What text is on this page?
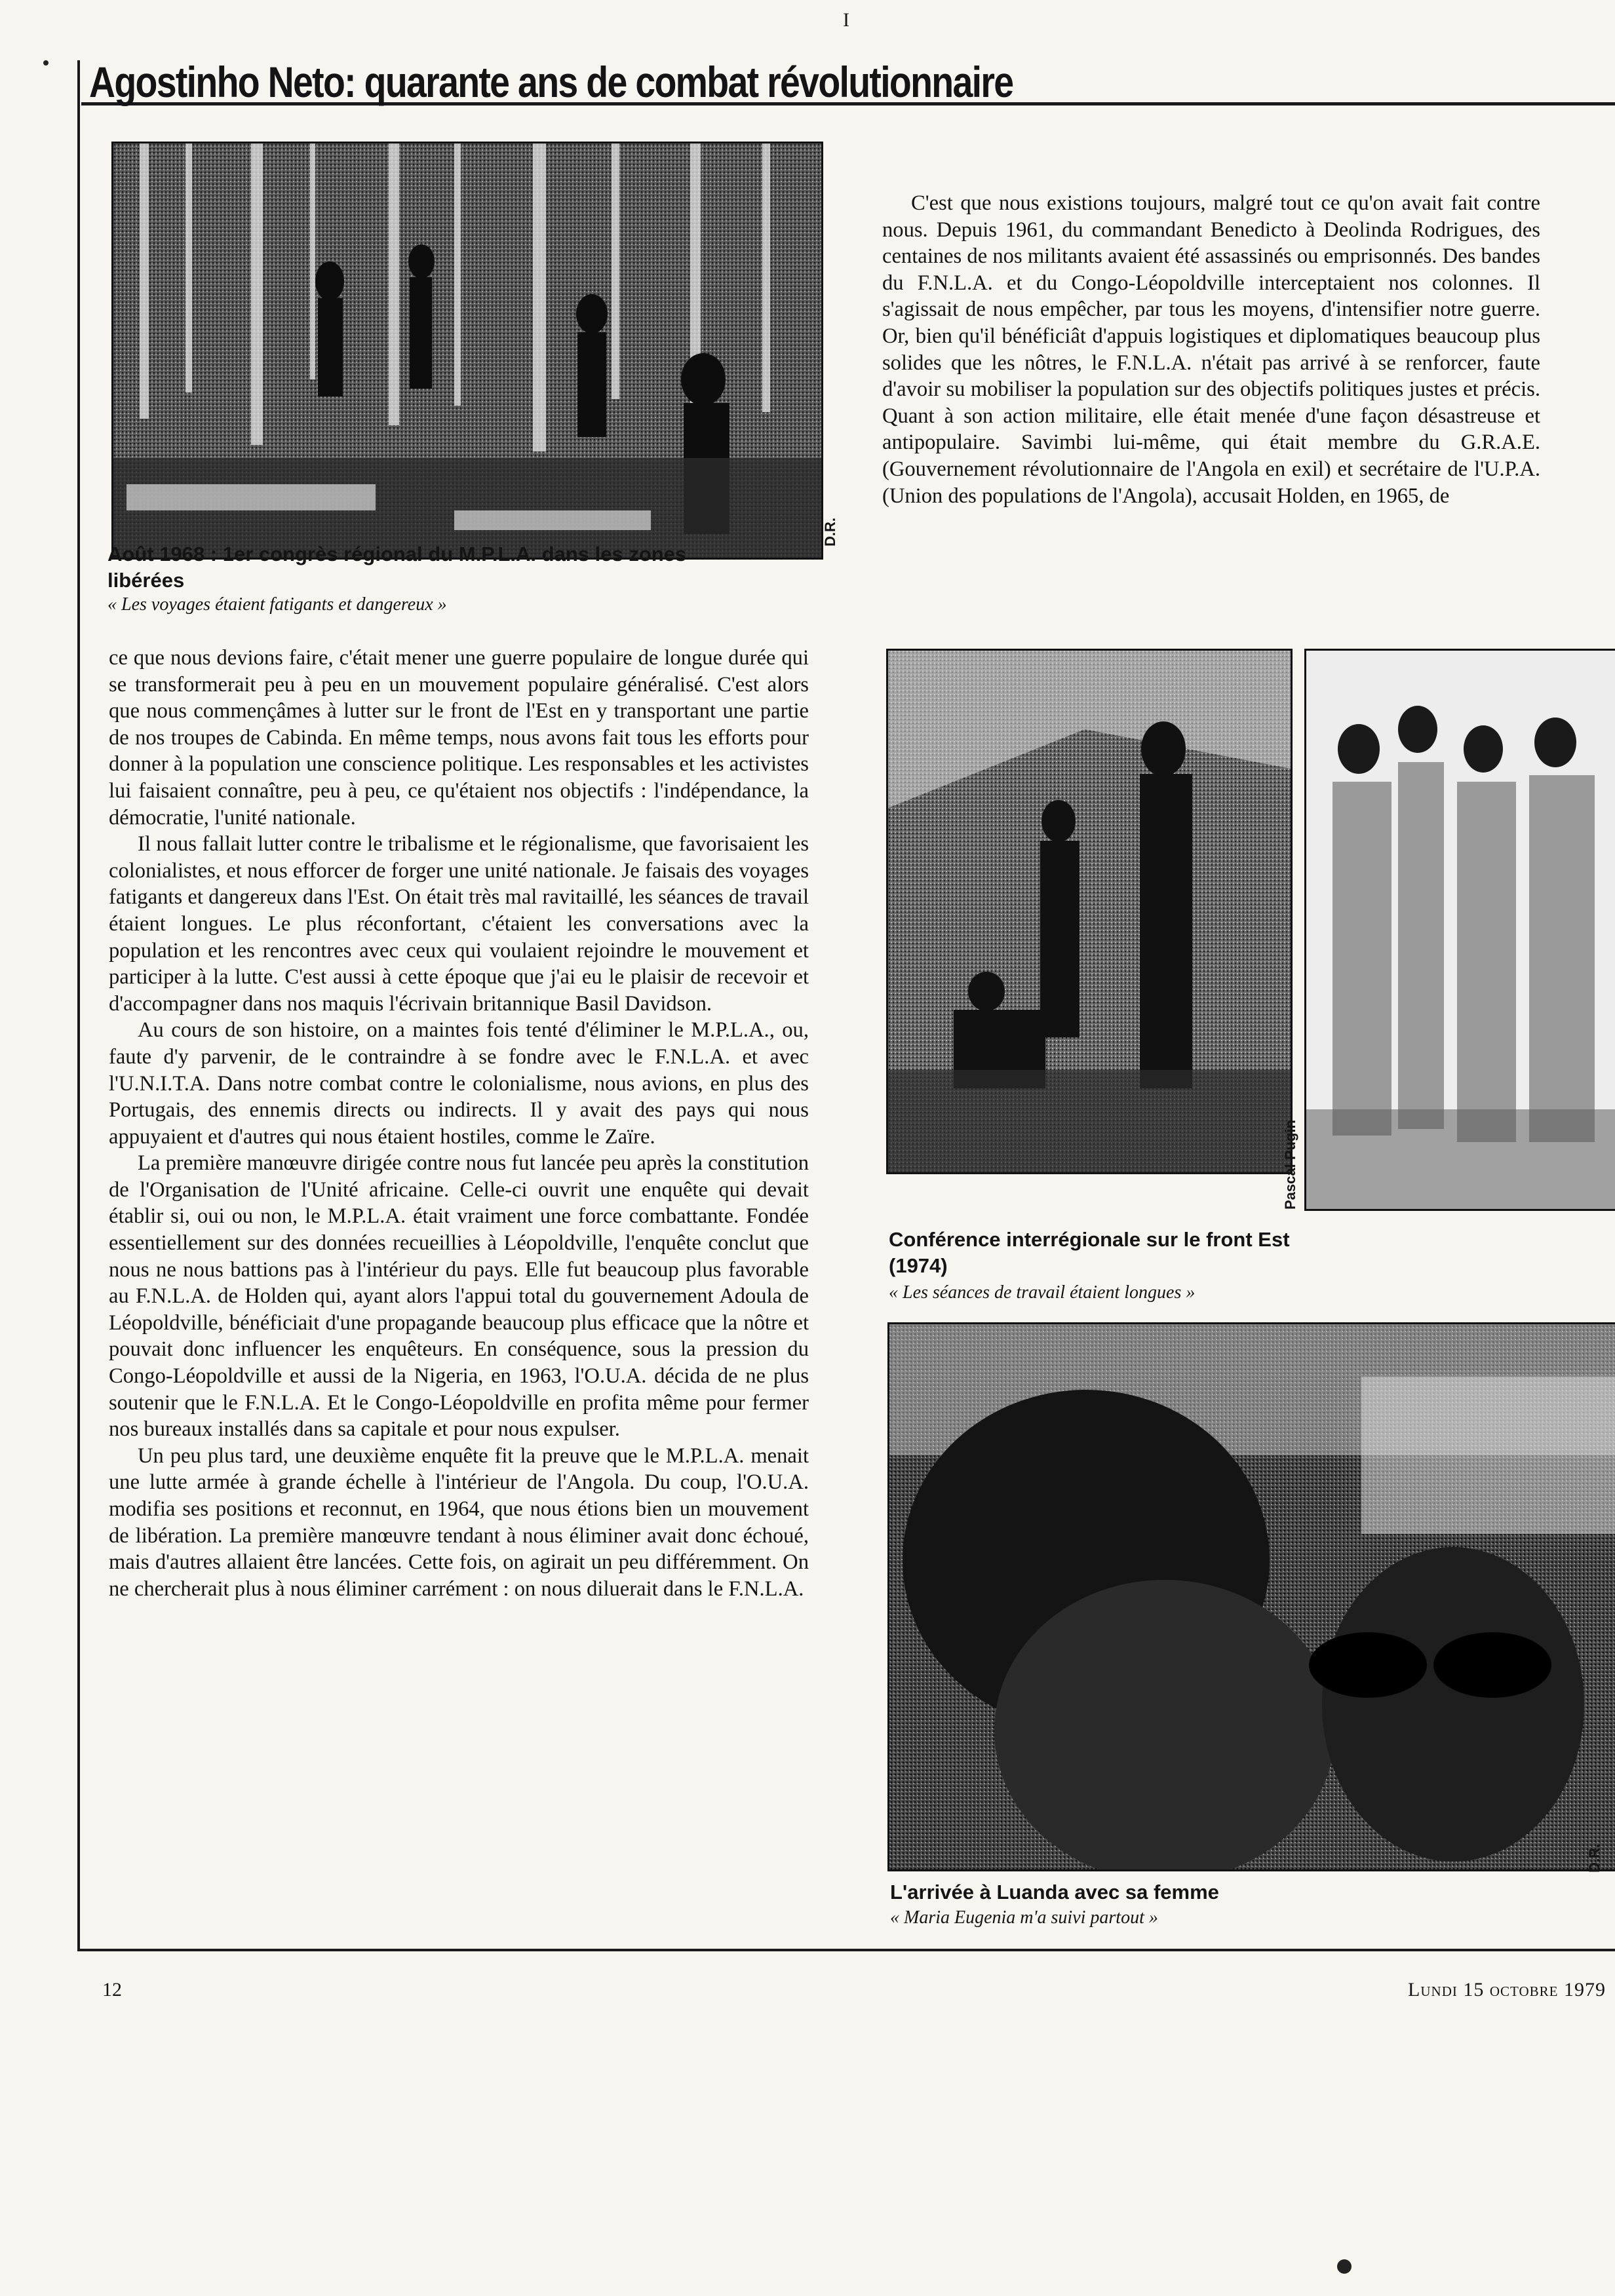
I
Agostinho Neto: quarante ans de combat révolutionnaire
D.R.

Août 1968 : 1er congrès régional du M.P.L.A. dans les zones libérées

« Les voyages étaient fatigants et dangereux »

ce que nous devions faire, c'était mener une guerre populaire de longue durée qui se transformerait peu à peu en un mouvement populaire généralisé. C'est alors que nous commençâmes à lutter sur le front de l'Est en y transportant une partie de nos troupes de Cabinda. En même temps, nous avons fait tous les efforts pour donner à la population une conscience politique. Les responsables et les activistes lui faisaient connaître, peu à peu, ce qu'étaient nos objectifs : l'indépendance, la démocratie, l'unité nationale.

Il nous fallait lutter contre le tribalisme et le régionalisme, que favorisaient les colonialistes, et nous efforcer de forger une unité nationale. Je faisais des voyages fatigants et dangereux dans l'Est. On était très mal ravitaillé, les séances de travail étaient longues. Le plus réconfortant, c'étaient les conversations avec la population et les rencontres avec ceux qui voulaient rejoindre le mouvement et participer à la lutte. C'est aussi à cette époque que j'ai eu le plaisir de recevoir et d'accompagner dans nos maquis l'écrivain britannique Basil Davidson.

Au cours de son histoire, on a maintes fois tenté d'éliminer le M.P.L.A., ou, faute d'y parvenir, de le contraindre à se fondre avec le F.N.L.A. et avec l'U.N.I.T.A. Dans notre combat contre le colonialisme, nous avions, en plus des Portugais, des ennemis directs ou indirects. Il y avait des pays qui nous appuyaient et d'autres qui nous étaient hostiles, comme le Zaïre.

La première manœuvre dirigée contre nous fut lancée peu après la constitution de l'Organisation de l'Unité africaine. Celle-ci ouvrit une enquête qui devait établir si, oui ou non, le M.P.L.A. était vraiment une force combattante. Fondée essentiellement sur des données recueillies à Léopoldville, l'enquête conclut que nous ne nous battions pas à l'intérieur du pays. Elle fut beaucoup plus favorable au F.N.L.A. de Holden qui, ayant alors l'appui total du gouvernement Adoula de Léopoldville, bénéficiait d'une propagande beaucoup plus efficace que la nôtre et pouvait donc influencer les enquêteurs. En conséquence, sous la pression du Congo-Léopoldville et aussi de la Nigeria, en 1963, l'O.U.A. décida de ne plus soutenir que le F.N.L.A. Et le Congo-Léopoldville en profita même pour fermer nos bureaux installés dans sa capitale et pour nous expulser.

Un peu plus tard, une deuxième enquête fit la preuve que le M.P.L.A. menait une lutte armée à grande échelle à l'intérieur de l'Angola. Du coup, l'O.U.A. modifia ses positions et reconnut, en 1964, que nous étions bien un mouvement de libération. La première manœuvre tendant à nous éliminer avait donc échoué, mais d'autres allaient être lancées. Cette fois, on agirait un peu différemment. On ne chercherait plus à nous éliminer carrément : on nous diluerait dans le F.N.L.A.

C'est que nous existions toujours, malgré tout ce qu'on avait fait contre nous. Depuis 1961, du commandant Benedicto à Deolinda Rodrigues, des centaines de nos militants avaient été assassinés ou emprisonnés. Des bandes du F.N.L.A. et du Congo-Léopoldville interceptaient nos colonnes. Il s'agissait de nous empêcher, par tous les moyens, d'intensifier notre guerre. Or, bien qu'il bénéficiât d'appuis logistiques et diplomatiques beaucoup plus solides que les nôtres, le F.N.L.A. n'était pas arrivé à se renforcer, faute d'avoir su mobiliser la population sur des objectifs politiques justes et précis. Quant à son action militaire, elle était menée d'une façon désastreuse et antipopulaire. Savimbi lui-même, qui était membre du G.R.A.E. (Gouvernement révolutionnaire de l'Angola en exil) et secrétaire de l'U.P.A. (Union des populations de l'Angola), accusait Holden, en 1965, de

Pascal Pugin

Conférence interrégionale sur le front Est (1974)

« Les séances de travail étaient longues »

D.R.

L'arrivée à Luanda avec sa femme

« Maria Eugenia m'a suivi partout »

12	Lundi 15 octobre 1979
